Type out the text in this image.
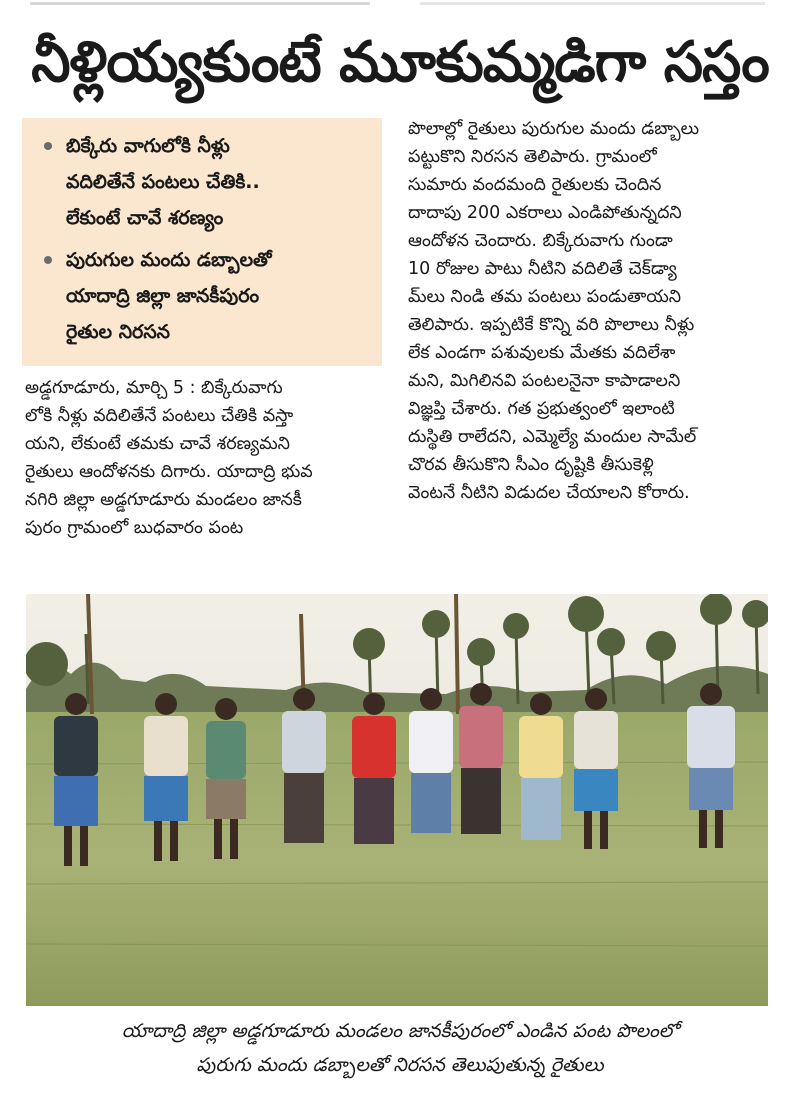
నీళ్లియ్యకుంటే మూకుమ్మడిగా సస్తం
బిక్కేరు వాగులోకి నీళ్లు
వదిలితేనే పంటలు చేతికి..
లేకుంటే చావే శరణ్యం
పురుగుల మందు డబ్బాలతో
యాదాద్రి జిల్లా జానకీపురం
రైతుల నిరసన
అడ్డగూడూరు, మార్చి 5 : బిక్కేరువాగు
లోకి నీళ్లు వదిలితేనే పంటలు చేతికి వస్తా
యని, లేకుంటే తమకు చావే శరణ్యమని
రైతులు ఆందోళనకు దిగారు. యాదాద్రి భువ
నగిరి జిల్లా అడ్డగూడూరు మండలం జానకీ
పురం గ్రామంలో బుధవారం పంట
పొలాల్లో రైతులు పురుగుల మందు డబ్బాలు
పట్టుకొని నిరసన తెలిపారు. గ్రామంలో
సుమారు వందమంది రైతులకు చెందిన
దాదాపు 200 ఎకరాలు ఎండిపోతున్నదని
ఆందోళన చెందారు. బిక్కేరువాగు గుండా
10 రోజుల పాటు నీటిని వదిలితే చెక్‌డ్యా
మ్‌లు నిండి తమ పంటలు పండుతాయని
తెలిపారు. ఇప్పటికే కొన్ని వరి పొలాలు నీళ్లు
లేక ఎండగా పశువులకు మేతకు వదిలేశా
మని, మిగిలినవి పంటలనైనా కాపాడాలని
విజ్ఞప్తి చేశారు. గత ప్రభుత్వంలో ఇలాంటి
దుస్థితి రాలేదని, ఎమ్మెల్యే మందుల సామేల్
చొరవ తీసుకొని సీఎం దృష్టికి తీసుకెళ్లి
వెంటనే నీటిని విడుదల చేయాలని కోరారు.
యాదాద్రి జిల్లా అడ్డగూడూరు మండలం జానకీపురంలో ఎండిన పంట పొలంలో
పురుగు మందు డబ్బాలతో నిరసన తెలుపుతున్న రైతులు
